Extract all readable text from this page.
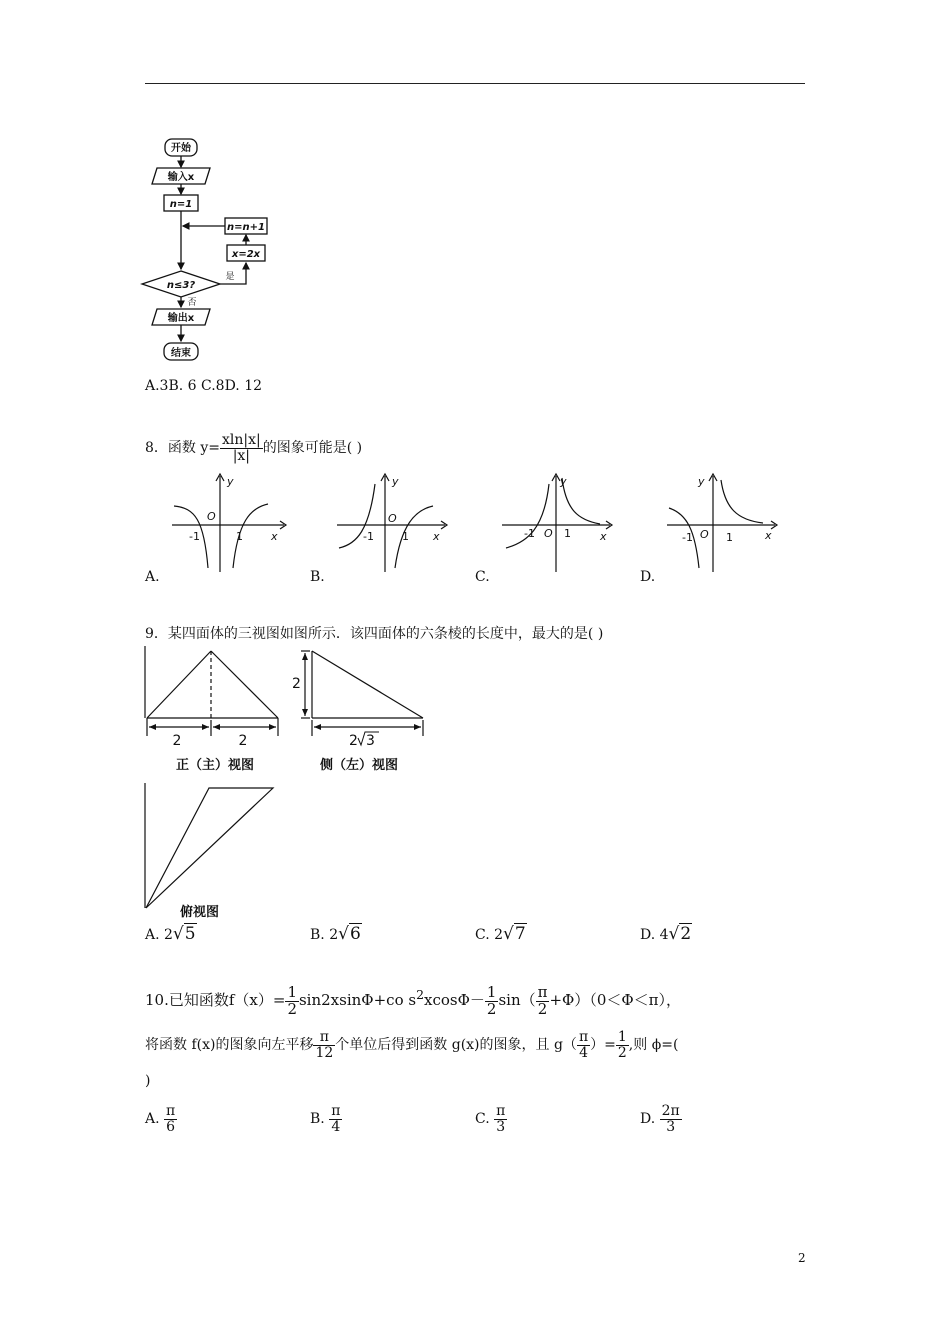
开始
输入x
n=1
n=n+1
x=2x
n≤3?
是
否
输出x
结束
A.3B. 6 C.8D. 12
8．函数 $y= \frac{xln|x|}{|x|}$ 的图象可能是( )
y
x
O
-1	1
y
x
O
-1	1
y
x
O
-1	1
y
x
O
-1	1
A.	B.	C.	D.
9．某四面体的三视图如图所示．该四面体的六条棱的长度中，最大的是( )
2	2
正（主）视图
2
2 3
侧（左）视图
俯视图
A. 2√5	B. 2√6	C. 2√7	D. 4√2
10.已知函数$f(x)= \frac{1}{2} \sin 2xsin\Phi+co$ $s^2xcos\Phi- \frac{1}{2} \sin( \frac{\pi}{2} +\Phi)(0<\Phi<\pi)$，
将函数 f(x)的图象向左平移 $\frac{\pi}{12}$ 个单位后得到函数 g(x)的图象，且 $g( \frac{\pi}{4}$ ）= $\frac{1}{2}$ ,则 ϕ=(
)
A. $\frac{\pi}{6}$	B. $\frac{\pi}{4}$	C. $\frac{\pi}{3}$	D. $\frac{2\pi}{3}$
2
